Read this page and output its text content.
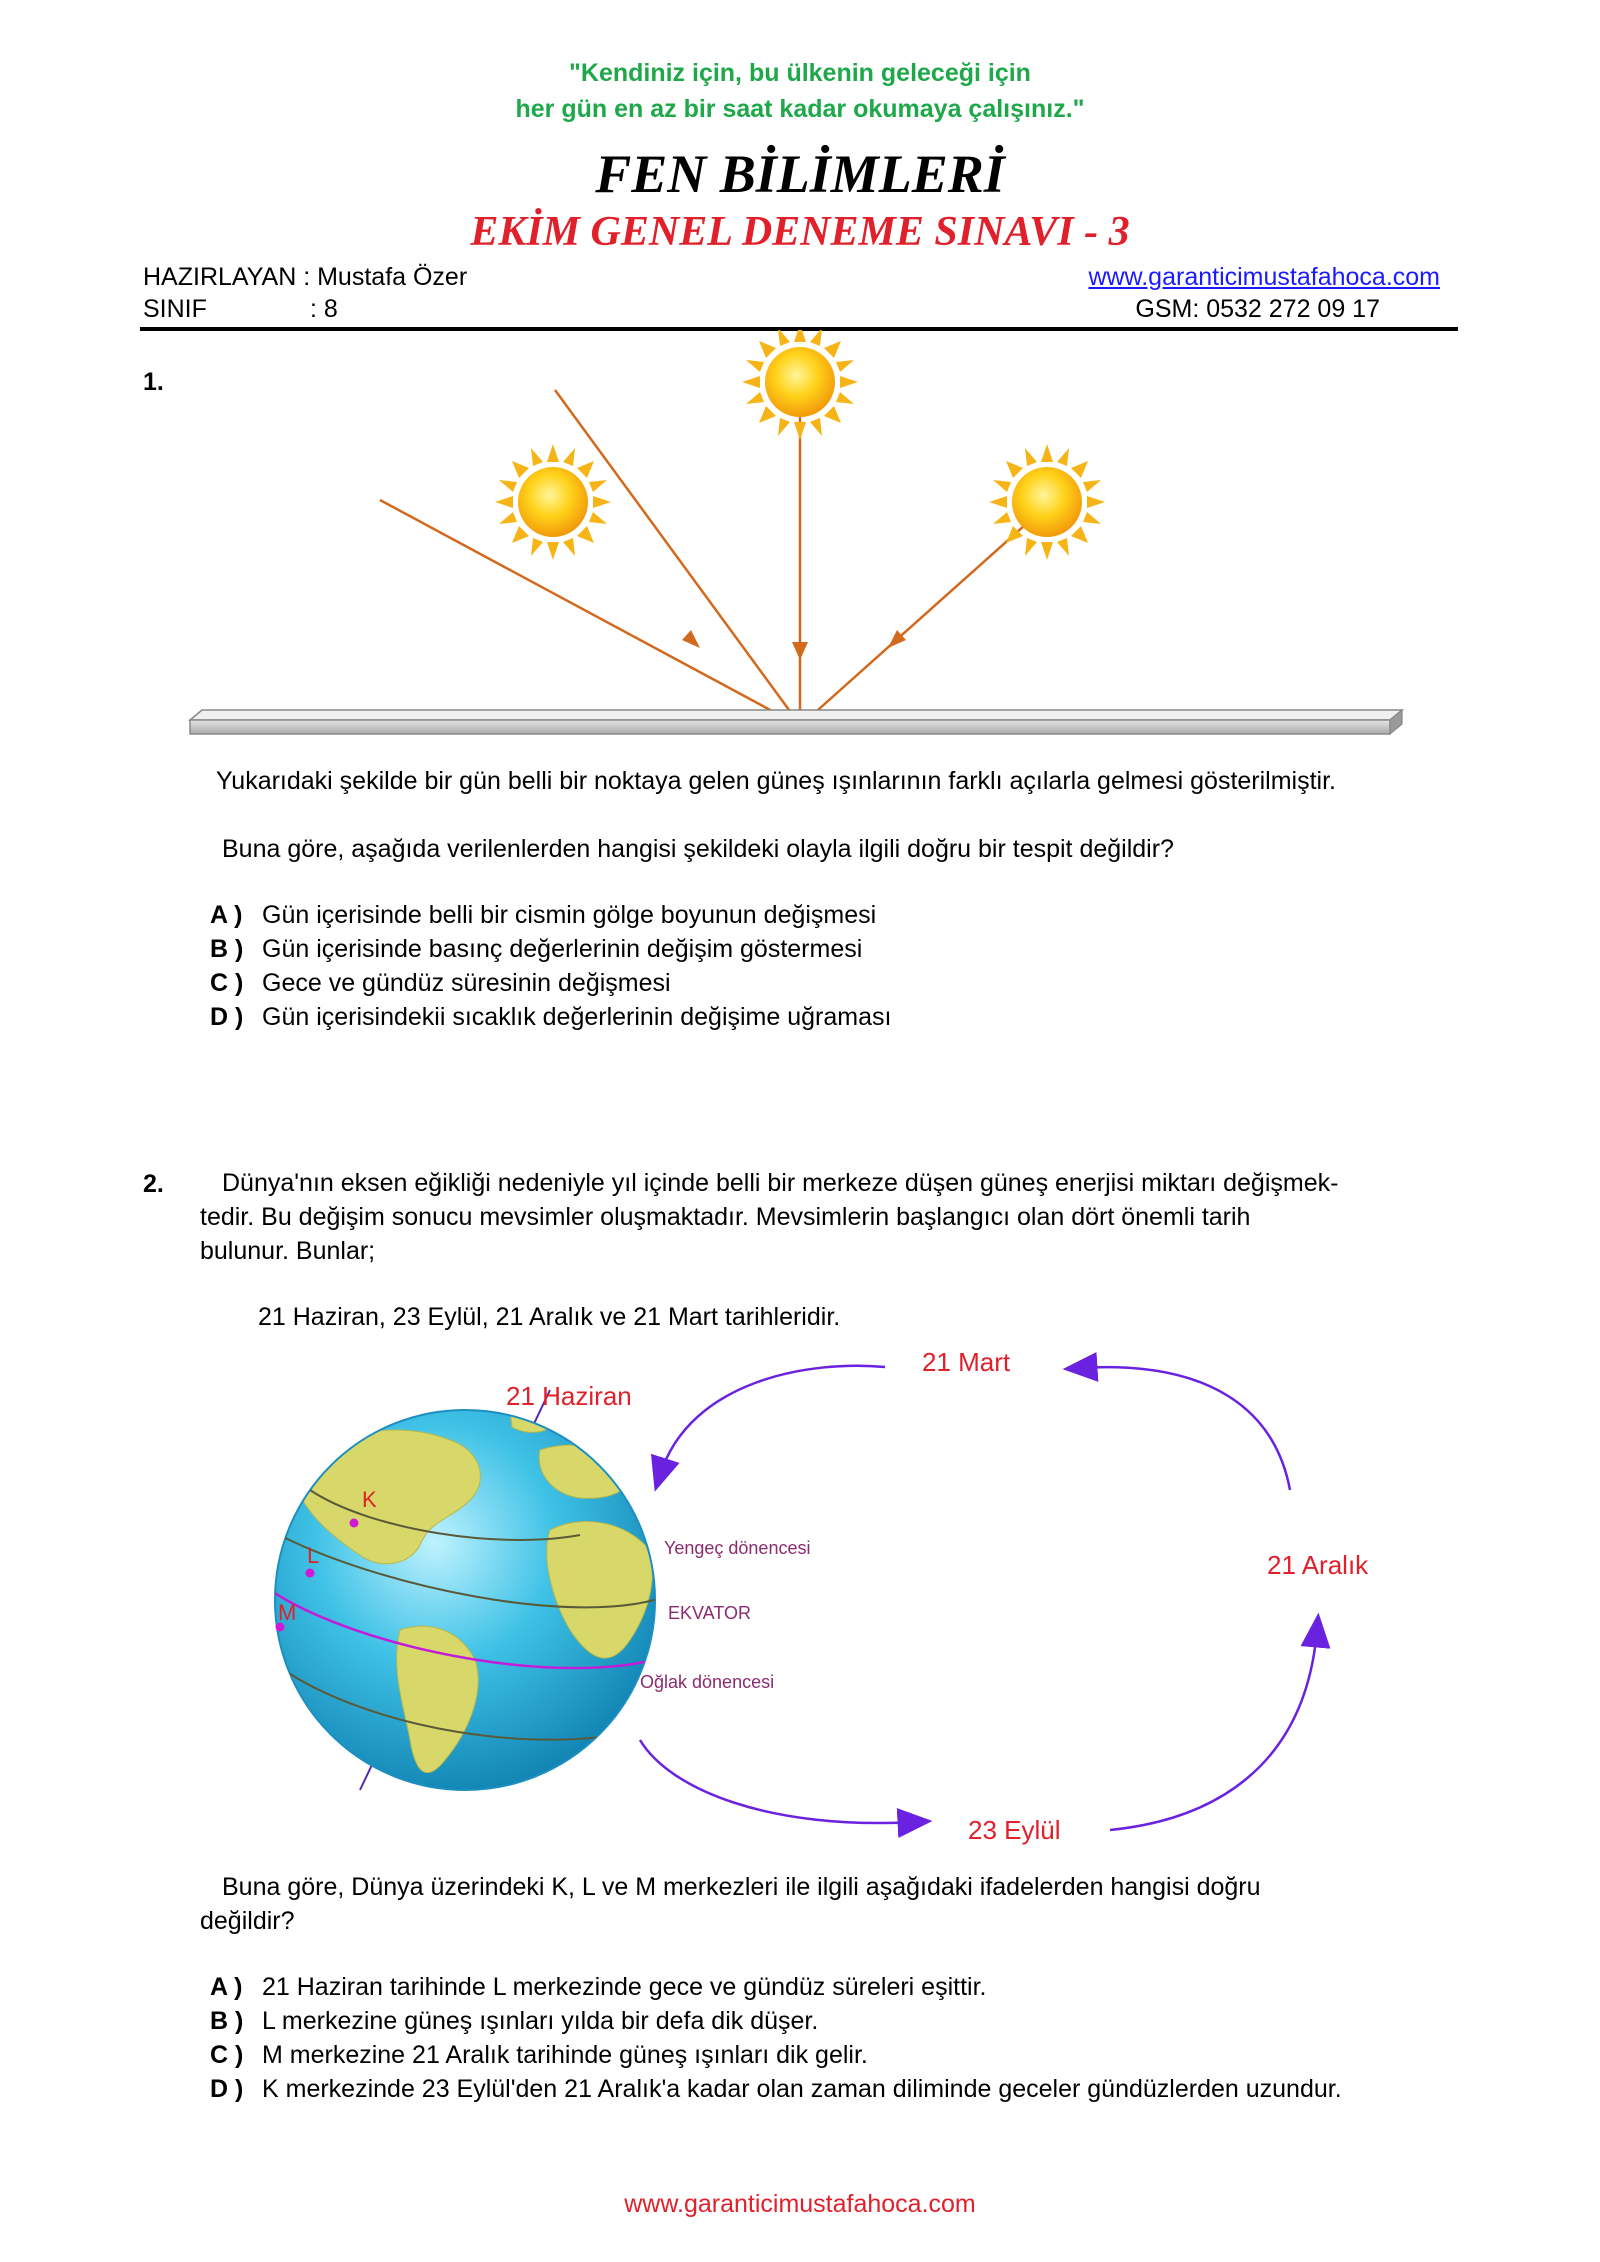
"Kendiniz için, bu ülkenin geleceği için
her gün en az bir saat kadar okumaya çalışınız."
FEN BİLİMLERİ
EKİM GENEL DENEME SINAVI - 3
HAZIRLAYAN : Mustafa Özer	www.garanticimustafahoca.com
SINIF	: 8	GSM: 0532 272 09 17
1.
Yukarıdaki şekilde bir gün belli bir noktaya gelen güneş ışınlarının farklı açılarla gelmesi gösterilmiştir.
Buna göre, aşağıda verilenlerden hangisi şekildeki olayla ilgili doğru bir tespit değildir?
A ) Gün içerisinde belli bir cismin gölge boyunun değişmesi
B ) Gün içerisinde basınç değerlerinin değişim göstermesi
C ) Gece ve gündüz süresinin değişmesi
D ) Gün içerisindekii sıcaklık değerlerinin değişime uğraması
2. Dünya'nın eksen eğikliği nedeniyle yıl içinde belli bir merkeze düşen güneş enerjisi miktarı değişmek-
tedir. Bu değişim sonucu mevsimler oluşmaktadır. Mevsimlerin başlangıcı olan dört önemli tarih
bulunur. Bunlar;
21 Haziran, 23 Eylül, 21 Aralık ve 21 Mart tarihleridir.
21 Haziran
21 Mart
21 Aralık
23 Eylül
Yengeç dönencesi
EKVATOR
Oğlak dönencesi
K
L
M
Buna göre, Dünya üzerindeki K, L ve M merkezleri ile ilgili aşağıdaki ifadelerden hangisi doğru
değildir?
A ) 21 Haziran tarihinde L merkezinde gece ve gündüz süreleri eşittir.
B ) L merkezine güneş ışınları yılda bir defa dik düşer.
C ) M merkezine 21 Aralık tarihinde güneş ışınları dik gelir.
D ) K merkezinde 23 Eylül'den 21 Aralık'a kadar olan zaman diliminde geceler gündüzlerden uzundur.
www.garanticimustafahoca.com
